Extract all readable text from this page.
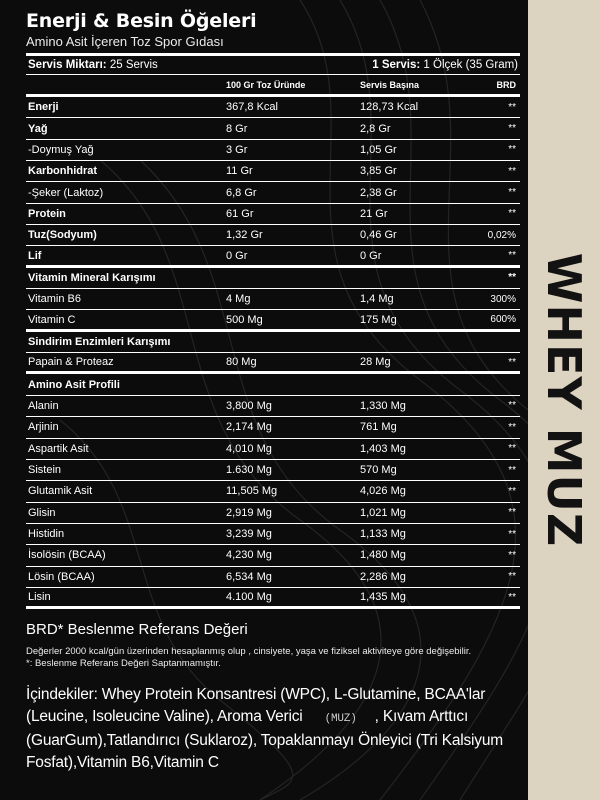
WHEY MUZ
Enerji & Besin Öğeleri
Amino Asit İçeren Toz Spor Gıdası
Servis Miktarı: 25 Servis	1 Servis: 1 Ölçek (35 Gram)
100 Gr Toz Üründe	Servis Başına	BRD
Enerji	367,8 Kcal	128,73 Kcal	**
Yağ	8 Gr	2,8 Gr	**
-Doymuş Yağ	3 Gr	1,05 Gr	**
Karbonhidrat	11 Gr	3,85 Gr	**
-Şeker (Laktoz)	6,8 Gr	2,38 Gr	**
Protein	61 Gr	21 Gr	**
Tuz(Sodyum)	1,32 Gr	0,46 Gr	0,02%
Lif	0 Gr	0 Gr	**
Vitamin Mineral Karışımı	**
Vitamin B6	4 Mg	1,4 Mg	300%
Vitamin C	500 Mg	175 Mg	600%
Sindirim Enzimleri Karışımı
Papain & Proteaz	80 Mg	28 Mg	**
Amino Asit Profili
Alanin	3,800 Mg	1,330 Mg	**
Arjinin	2,174 Mg	761 Mg	**
Aspartik Asit	4,010 Mg	1,403 Mg	**
Sistein	1.630 Mg	570 Mg	**
Glutamik Asit	11,505 Mg	4,026 Mg	**
Glisin	2,919 Mg	1,021 Mg	**
Histidin	3,239 Mg	1,133 Mg	**
İsolösin (BCAA)	4,230 Mg	1,480 Mg	**
Lösin (BCAA)	6,534 Mg	2,286 Mg	**
Lisin	4.100 Mg	1,435 Mg	**
BRD* Beslenme Referans Değeri
Değerler 2000 kcal/gün üzerinden hesaplanmış olup , cinsiyete, yaşa ve fiziksel aktiviteye göre değişebilir.
*: Beslenme Referans Değeri Saptanmamıştır.
İçindekiler: Whey Protein Konsantresi (WPC), L-Glutamine, BCAA'lar (Leucine, Isoleucine Valine), Aroma Verici (MUZ) , Kıvam Arttıcı (GuarGum),Tatlandırıcı (Suklaroz), Topaklanmayı Önleyici (Tri Kalsiyum Fosfat),Vitamin B6,Vitamin C
